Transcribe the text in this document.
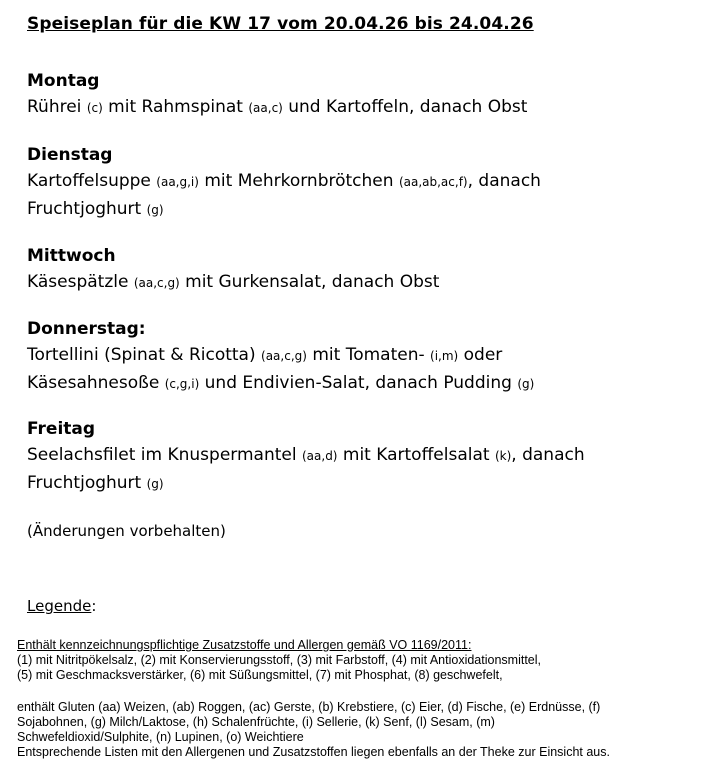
Speiseplan für die KW 17 vom 20.04.26 bis 24.04.26
Montag
Rührei (c) mit Rahmspinat (aa,c) und Kartoffeln, danach Obst
Dienstag
Kartoffelsuppe (aa,g,i) mit Mehrkornbrötchen (aa,ab,ac,f), danach
Fruchtjoghurt (g)
Mittwoch
Käsespätzle (aa,c,g) mit Gurkensalat, danach Obst
Donnerstag:
Tortellini (Spinat & Ricotta) (aa,c,g) mit Tomaten- (i,m) oder
Käsesahnesoße (c,g,i) und Endivien-Salat, danach Pudding (g)
Freitag
Seelachsfilet im Knuspermantel (aa,d) mit Kartoffelsalat (k), danach
Fruchtjoghurt (g)
(Änderungen vorbehalten)
Legende:
Enthält kennzeichnungspflichtige Zusatzstoffe und Allergen gemäß VO 1169/2011:
(1) mit Nitritpökelsalz, (2) mit Konservierungsstoff, (3) mit Farbstoff, (4) mit Antioxidationsmittel,
(5) mit Geschmacksverstärker, (6) mit Süßungsmittel, (7) mit Phosphat, (8) geschwefelt,
enthält Gluten (aa) Weizen, (ab) Roggen, (ac) Gerste, (b) Krebstiere, (c) Eier, (d) Fische, (e) Erdnüsse, (f)
Sojabohnen, (g) Milch/Laktose, (h) Schalenfrüchte, (i) Sellerie, (k) Senf, (l) Sesam, (m)
Schwefeldioxid/Sulphite, (n) Lupinen, (o) Weichtiere
Entsprechende Listen mit den Allergenen und Zusatzstoffen liegen ebenfalls an der Theke zur Einsicht aus.
